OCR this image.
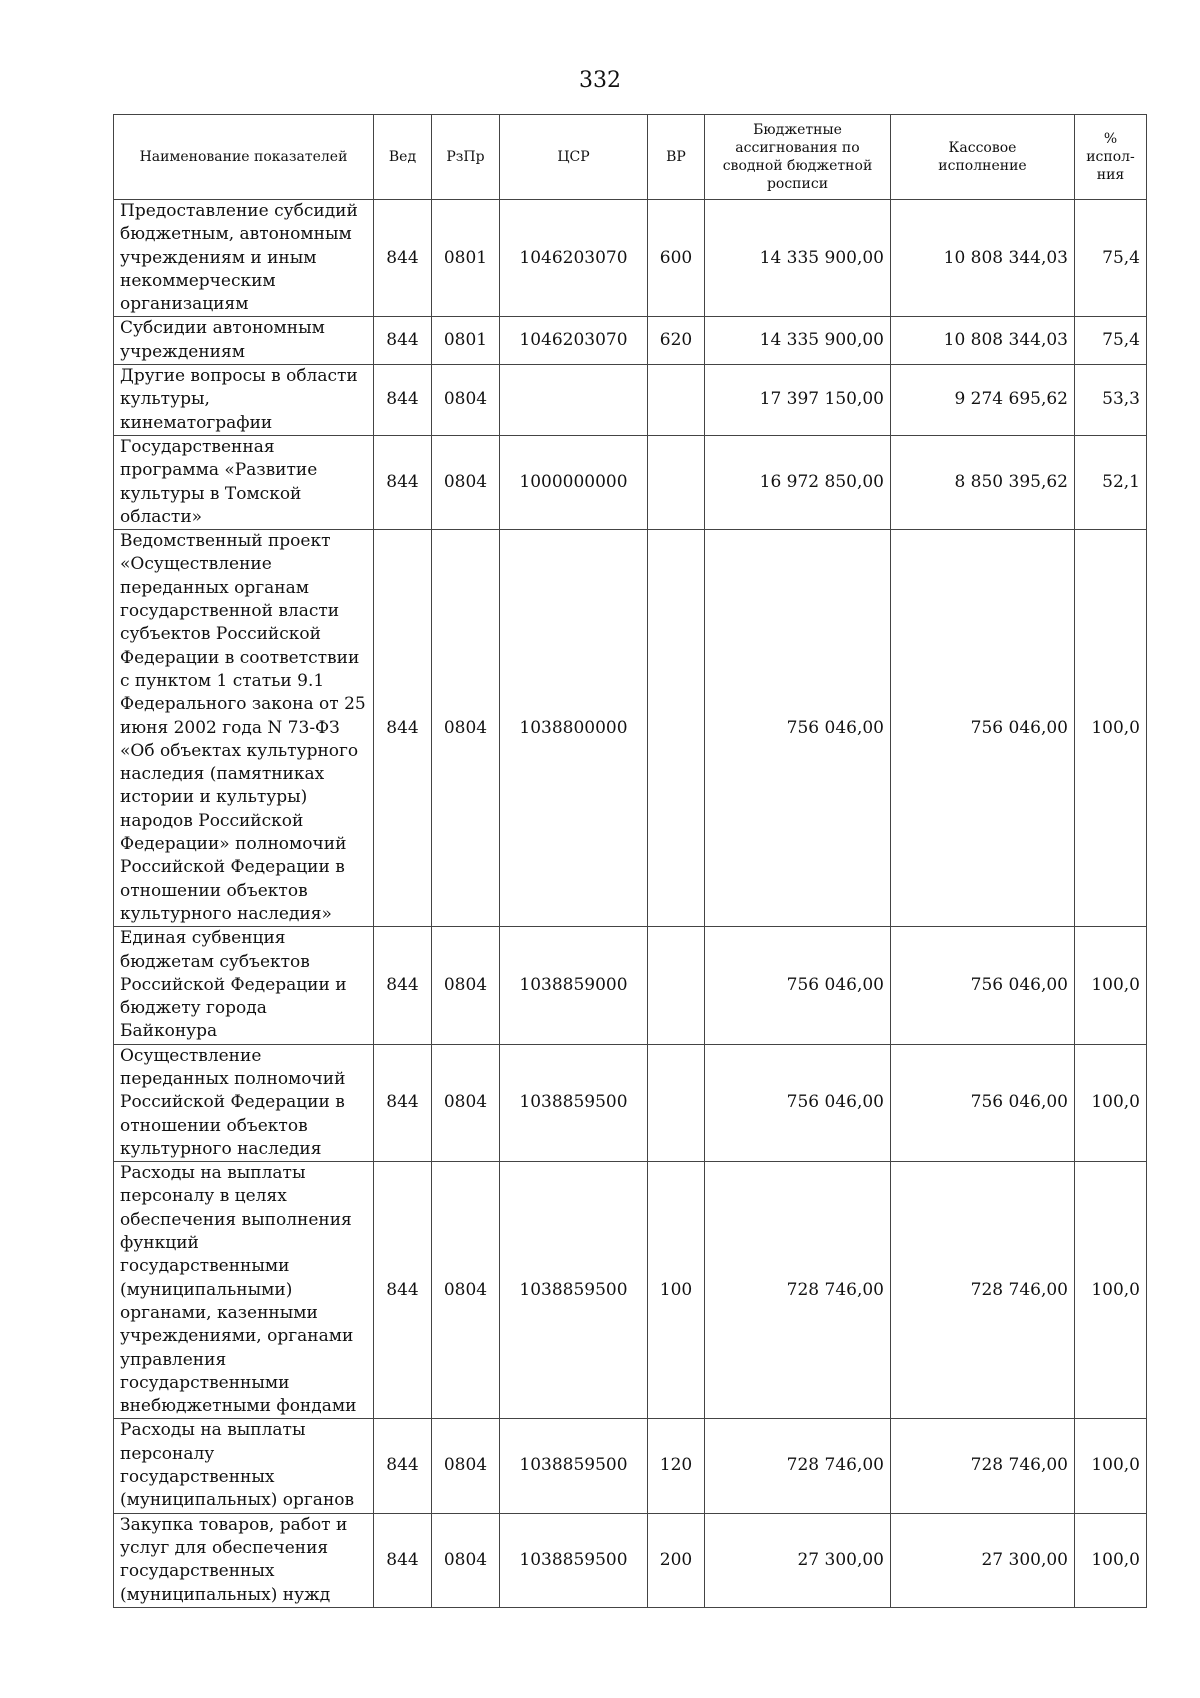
332
Наименование показателей	Вед	РзПр	ЦСР	ВР	Бюджетные ассигнования по сводной бюджетной росписи	Кассовое исполнение	% испол-ния
Предоставление субсидий бюджетным, автономным учреждениям и иным некоммерческим организациям	844	0801	1046203070	600	14 335 900,00	10 808 344,03	75,4
Субсидии автономным учреждениям	844	0801	1046203070	620	14 335 900,00	10 808 344,03	75,4
Другие вопросы в области культуры, кинематографии	844	0804			17 397 150,00	9 274 695,62	53,3
Государственная программа «Развитие культуры в Томской области»	844	0804	1000000000		16 972 850,00	8 850 395,62	52,1
Ведомственный проект «Осуществление переданных органам государственной власти субъектов Российской Федерации в соответствии с пунктом 1 статьи 9.1 Федерального закона от 25 июня 2002 года N 73-ФЗ «Об объектах культурного наследия (памятниках истории и культуры) народов Российской Федерации» полномочий Российской Федерации в отношении объектов культурного наследия»	844	0804	1038800000		756 046,00	756 046,00	100,0
Единая субвенция бюджетам субъектов Российской Федерации и бюджету города Байконура	844	0804	1038859000		756 046,00	756 046,00	100,0
Осуществление переданных полномочий Российской Федерации в отношении объектов культурного наследия	844	0804	1038859500		756 046,00	756 046,00	100,0
Расходы на выплаты персоналу в целях обеспечения выполнения функций государственными (муниципальными) органами, казенными учреждениями, органами управления государственными внебюджетными фондами	844	0804	1038859500	100	728 746,00	728 746,00	100,0
Расходы на выплаты персоналу государственных (муниципальных) органов	844	0804	1038859500	120	728 746,00	728 746,00	100,0
Закупка товаров, работ и услуг для обеспечения государственных (муниципальных) нужд	844	0804	1038859500	200	27 300,00	27 300,00	100,0
